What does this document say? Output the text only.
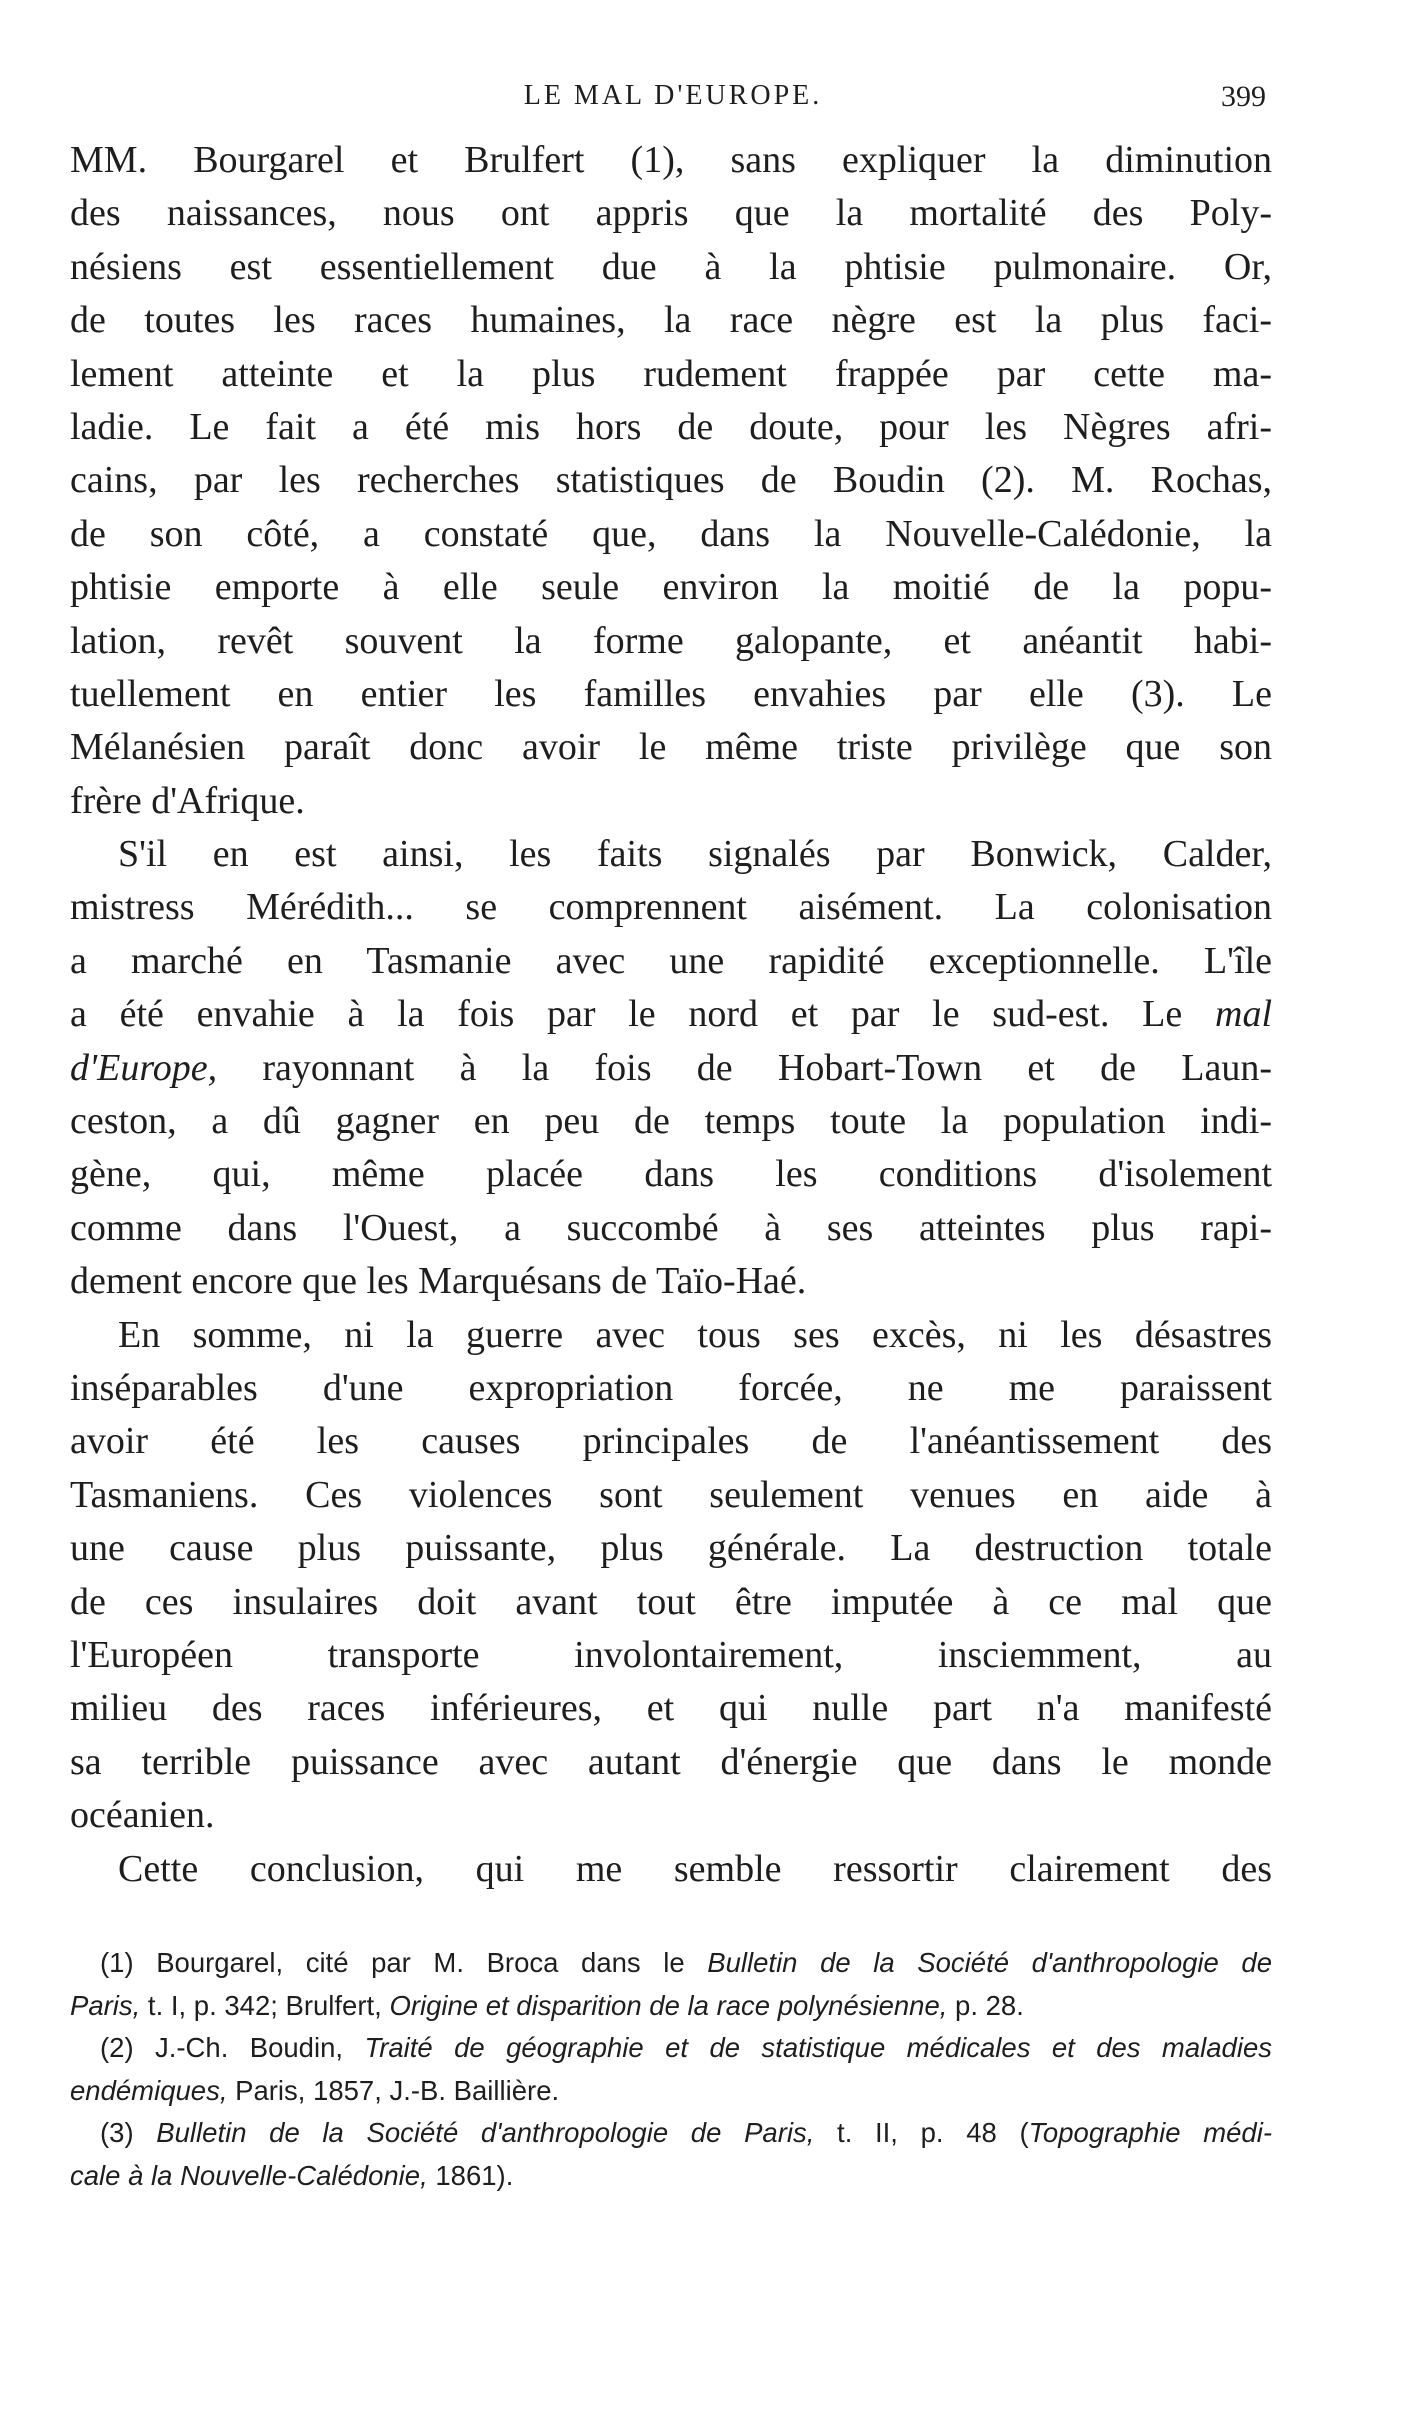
LE MAL D'EUROPE.	399
MM. Bourgarel et Brulfert (1), sans expliquer la diminution
des naissances, nous ont appris que la mortalité des Poly-
nésiens est essentiellement due à la phtisie pulmonaire. Or,
de toutes les races humaines, la race nègre est la plus faci-
lement atteinte et la plus rudement frappée par cette ma-
ladie. Le fait a été mis hors de doute, pour les Nègres afri-
cains, par les recherches statistiques de Boudin (2). M. Rochas,
de son côté, a constaté que, dans la Nouvelle-Calédonie, la
phtisie emporte à elle seule environ la moitié de la popu-
lation, revêt souvent la forme galopante, et anéantit habi-
tuellement en entier les familles envahies par elle (3). Le
Mélanésien paraît donc avoir le même triste privilège que son
frère d'Afrique.
S'il en est ainsi, les faits signalés par Bonwick, Calder,
mistress Mérédith... se comprennent aisément. La colonisation
a marché en Tasmanie avec une rapidité exceptionnelle. L'île
a été envahie à la fois par le nord et par le sud-est. Le mal
d'Europe, rayonnant à la fois de Hobart-Town et de Laun-
ceston, a dû gagner en peu de temps toute la population indi-
gène, qui, même placée dans les conditions d'isolement
comme dans l'Ouest, a succombé à ses atteintes plus rapi-
dement encore que les Marquésans de Taïo-Haé.
En somme, ni la guerre avec tous ses excès, ni les désastres
inséparables d'une expropriation forcée, ne me paraissent
avoir été les causes principales de l'anéantissement des
Tasmaniens. Ces violences sont seulement venues en aide à
une cause plus puissante, plus générale. La destruction totale
de ces insulaires doit avant tout être imputée à ce mal que
l'Européen transporte involontairement, insciemment, au
milieu des races inférieures, et qui nulle part n'a manifesté
sa terrible puissance avec autant d'énergie que dans le monde
océanien.
Cette conclusion, qui me semble ressortir clairement des
(1) Bourgarel, cité par M. Broca dans le Bulletin de la Société d'anthropologie de
Paris, t. I, p. 342; Brulfert, Origine et disparition de la race polynésienne, p. 28.
(2) J.-Ch. Boudin, Traité de géographie et de statistique médicales et des maladies
endémiques, Paris, 1857, J.-B. Baillière.
(3) Bulletin de la Société d'anthropologie de Paris, t. II, p. 48 (Topographie médi-
cale à la Nouvelle-Calédonie, 1861).
